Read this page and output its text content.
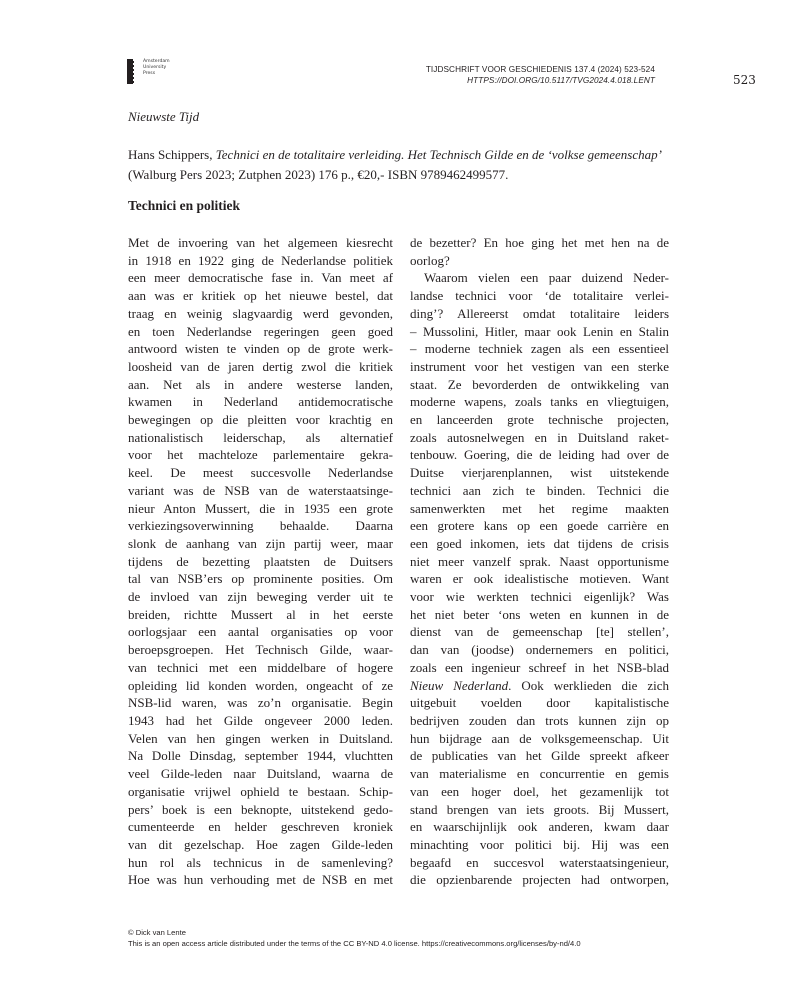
Amsterdam
University
Press	TIJDSCHRIFT VOOR GESCHIEDENIS 137.4 (2024) 523-524
HTTPS://DOI.ORG/10.5117/TVG2024.4.018.LENT	523
Nieuwste Tijd
Hans Schippers, Technici en de totalitaire verleiding. Het Technisch Gilde en de ‘volkse gemeenschap’
(Walburg Pers 2023; Zutphen 2023) 176 p., €20,- ISBN 9789462499577.
Technici en politiek
Met de invoering van het algemeen kiesrecht
in 1918 en 1922 ging de Nederlandse politiek
een meer democratische fase in. Van meet af
aan was er kritiek op het nieuwe bestel, dat
traag en weinig slagvaardig werd gevonden,
en toen Nederlandse regeringen geen goed
antwoord wisten te vinden op de grote werk-
loosheid van de jaren dertig zwol die kritiek
aan. Net als in andere westerse landen,
kwamen in Nederland antidemocratische
bewegingen op die pleitten voor krachtig en
nationalistisch leiderschap, als alternatief
voor het machteloze parlementaire gekra-
keel. De meest succesvolle Nederlandse
variant was de NSB van de waterstaatsinge-
nieur Anton Mussert, die in 1935 een grote
verkiezingsoverwinning behaalde. Daarna
slonk de aanhang van zijn partij weer, maar
tijdens de bezetting plaatsten de Duitsers
tal van NSB’ers op prominente posities. Om
de invloed van zijn beweging verder uit te
breiden, richtte Mussert al in het eerste
oorlogsjaar een aantal organisaties op voor
beroepsgroepen. Het Technisch Gilde, waar-
van technici met een middelbare of hogere
opleiding lid konden worden, ongeacht of ze
NSB-lid waren, was zo’n organisatie. Begin
1943 had het Gilde ongeveer 2000 leden.
Velen van hen gingen werken in Duitsland.
Na Dolle Dinsdag, september 1944, vluchtten
veel Gilde-leden naar Duitsland, waarna de
organisatie vrijwel ophield te bestaan. Schip-
pers’ boek is een beknopte, uitstekend gedo-
cumenteerde en helder geschreven kroniek
van dit gezelschap. Hoe zagen Gilde-leden
hun rol als technicus in de samenleving?
Hoe was hun verhouding met de NSB en met
de bezetter? En hoe ging het met hen na de
oorlog?
Waarom vielen een paar duizend Neder-
landse technici voor ‘de totalitaire verlei-
ding’? Allereerst omdat totalitaire leiders
– Mussolini, Hitler, maar ook Lenin en Stalin
– moderne techniek zagen als een essentieel
instrument voor het vestigen van een sterke
staat. Ze bevorderden de ontwikkeling van
moderne wapens, zoals tanks en vliegtuigen,
en lanceerden grote technische projecten,
zoals autosnelwegen en in Duitsland raket-
tenbouw. Goering, die de leiding had over de
Duitse vierjarenplannen, wist uitstekende
technici aan zich te binden. Technici die
samenwerkten met het regime maakten
een grotere kans op een goede carrière en
een goed inkomen, iets dat tijdens de crisis
niet meer vanzelf sprak. Naast opportunisme
waren er ook idealistische motieven. Want
voor wie werkten technici eigenlijk? Was
het niet beter ‘ons weten en kunnen in de
dienst van de gemeenschap [te] stellen’,
dan van (joodse) ondernemers en politici,
zoals een ingenieur schreef in het NSB-blad
Nieuw Nederland. Ook werklieden die zich
uitgebuit voelden door kapitalistische
bedrijven zouden dan trots kunnen zijn op
hun bijdrage aan de volksgemeenschap. Uit
de publicaties van het Gilde spreekt afkeer
van materialisme en concurrentie en gemis
van een hoger doel, het gezamenlijk tot
stand brengen van iets groots. Bij Mussert,
en waarschijnlijk ook anderen, kwam daar
minachting voor politici bij. Hij was een
begaafd en succesvol waterstaatsingenieur,
die opzienbarende projecten had ontworpen,
© Dick van Lente
This is an open access article distributed under the terms of the CC BY-ND 4.0 license. https://creativecommons.org/licenses/by-nd/4.0
